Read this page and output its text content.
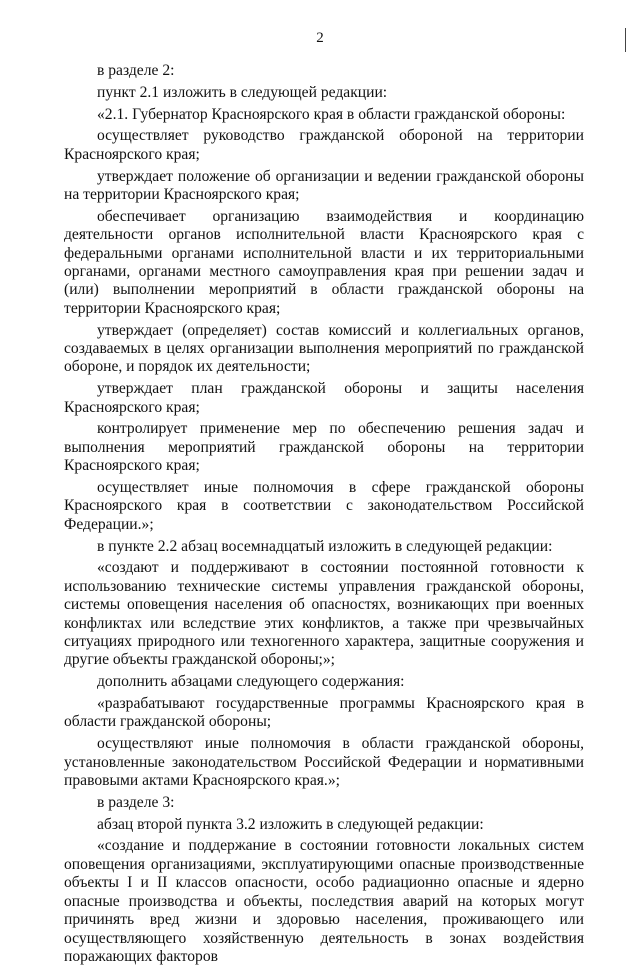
2

в разделе 2:

пункт 2.1 изложить в следующей редакции:

«2.1. Губернатор Красноярского края в области гражданской обороны:

осуществляет руководство гражданской обороной на территории Красноярского края;

утверждает положение об организации и ведении гражданской обороны на территории Красноярского края;

обеспечивает организацию взаимодействия и координацию деятельности органов исполнительной власти Красноярского края с федеральными органами исполнительной власти и их территориальными органами, органами местного самоуправления края при решении задач и (или) выполнении мероприятий в области гражданской обороны на территории Красноярского края;

утверждает (определяет) состав комиссий и коллегиальных органов, создаваемых в целях организации выполнения мероприятий по гражданской обороне, и порядок их деятельности;

утверждает план гражданской обороны и защиты населения Красноярского края;

контролирует применение мер по обеспечению решения задач и выполнения мероприятий гражданской обороны на территории Красноярского края;

осуществляет иные полномочия в сфере гражданской обороны Красноярского края в соответствии с законодательством Российской Федерации.»;

в пункте 2.2 абзац восемнадцатый изложить в следующей редакции:

«создают и поддерживают в состоянии постоянной готовности к использованию технические системы управления гражданской обороны, системы оповещения населения об опасностях, возникающих при военных конфликтах или вследствие этих конфликтов, а также при чрезвычайных ситуациях природного или техногенного характера, защитные сооружения и другие объекты гражданской обороны;»;

дополнить абзацами следующего содержания:

«разрабатывают государственные программы Красноярского края в области гражданской обороны;

осуществляют иные полномочия в области гражданской обороны, установленные законодательством Российской Федерации и нормативными правовыми актами Красноярского края.»;

в разделе 3:

абзац второй пункта 3.2 изложить в следующей редакции:

«создание и поддержание в состоянии готовности локальных систем оповещения организациями, эксплуатирующими опасные производственные объекты I и II классов опасности, особо радиационно опасные и ядерно опасные производства и объекты, последствия аварий на которых могут причинять вред жизни и здоровью населения, проживающего или осуществляющего хозяйственную деятельность в зонах воздействия поражающих факторов
